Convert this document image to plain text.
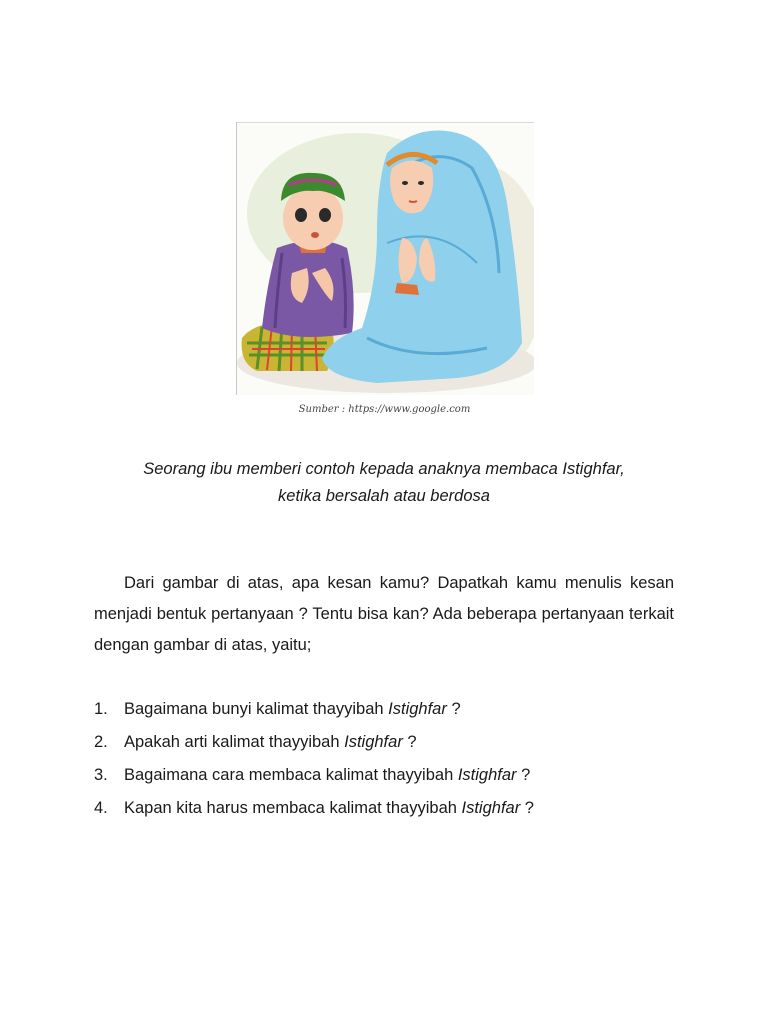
Sumber : https://www.google.com
Seorang ibu memberi contoh kepada anaknya membaca Istighfar,
ketika bersalah atau berdosa

Dari gambar di atas, apa kesan kamu? Dapatkah kamu menulis kesan menjadi bentuk pertanyaan ? Tentu bisa kan? Ada beberapa pertanyaan terkait dengan gambar di atas, yaitu;

1. Bagaimana bunyi kalimat thayyibah Istighfar ?
2. Apakah arti kalimat thayyibah Istighfar ?
3. Bagaimana cara membaca kalimat thayyibah Istighfar ?
4. Kapan kita harus membaca kalimat thayyibah Istighfar ?
